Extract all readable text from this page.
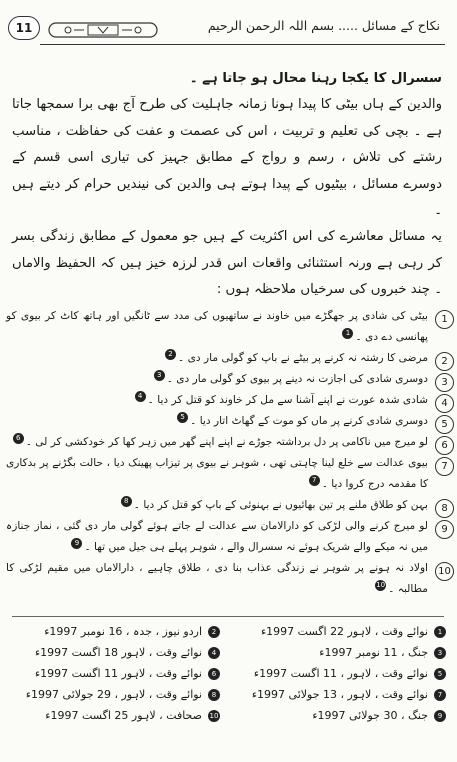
11	نکاح کے مسائل ..... بسم اللہ الرحمن الرحیم

سسرال کا یکجا رہنا محال ہو جاتا ہے ۔

والدین کے ہاں بیٹی کا پیدا ہونا زمانہ جاہلیت کی طرح آج بھی برا سمجھا جاتا ہے ۔ بچی کی تعلیم و تربیت ، اس کی عصمت و عفت کی حفاظت ، مناسب رشتے کی تلاش ، رسم و رواج کے مطابق جہیز کی تیاری اسی قسم کے دوسرے مسائل ، بیٹیوں کے پیدا ہوتے ہی والدین کی نیندیں حرام کر دیتے ہیں ۔

یہ مسائل معاشرے کی اس اکثریت کے ہیں جو معمول کے مطابق زندگی بسر کر رہی ہے ورنہ استثنائی واقعات اس قدر لرزہ خیز ہیں کہ الحفیظ والاماں ۔ چند خبروں کی سرخیاں ملاحظہ ہوں :

1
بیٹی کی شادی پر جھگڑے میں خاوند نے ساتھیوں کی مدد سے ٹانگیں اور ہاتھ کاٹ کر بیوی کو پھانسی دے دی ۔1
2
مرضی کا رشتہ نہ کرنے پر بیٹے نے باپ کو گولی مار دی ۔2
3
دوسری شادی کی اجازت نہ دینے پر بیوی کو گولی مار دی ۔3
4
شادی شدہ عورت نے اپنے آشنا سے مل کر خاوند کو قتل کر دیا ۔4
5
دوسری شادی کرنے پر ماں کو موت کے گھاٹ اتار دیا ۔5
6
لو میرج میں ناکامی پر دل برداشتہ جوڑے نے اپنے اپنے گھر میں زہر کھا کر خودکشی کر لی ۔6
7
بیوی عدالت سے خلع لینا چاہتی تھی ، شوہر نے بیوی پر تیزاب پھینک دیا ، حالت بگڑنے پر بدکاری کا مقدمہ درج کروا دیا ۔7
8
بہن کو طلاق ملنے پر تین بھائیوں نے بہنوئی کے باپ کو قتل کر دیا ۔8
9
لو میرج کرنے والی لڑکی کو دارالامان سے عدالت لے جاتے ہوئے گولی مار دی گئی ، نماز جنازہ میں نہ میکے والے شریک ہوئے نہ سسرال والے ، شوہر پہلے ہی جیل میں تھا ۔9
10
اولاد نہ ہونے پر شوہر نے زندگی عذاب بنا دی ، طلاق چاہیے ، دارالاماں میں مقیم لڑکی کا مطالبہ ۔10
1
نوائے وقت ، لاہور 22 اگست 1997ء
2
اردو نیوز ، جدہ ، 16 نومبر 1997ء
3
جنگ ، 11 نومبر 1997ء
4
نوائے وقت ، لاہور 18 اگست 1997ء
5
نوائے وقت ، لاہور ، 11 اگست 1997ء
6
نوائے وقت ، لاہور 11 اگست 1997ء
7
نوائے وقت ، لاہور ، 13 جولائی 1997ء
8
نوائے وقت ، لاہور ، 29 جولائی 1997ء
9
جنگ ، 30 جولائی 1997ء
10
صحافت ، لاہور 25 اگست 1997ء
